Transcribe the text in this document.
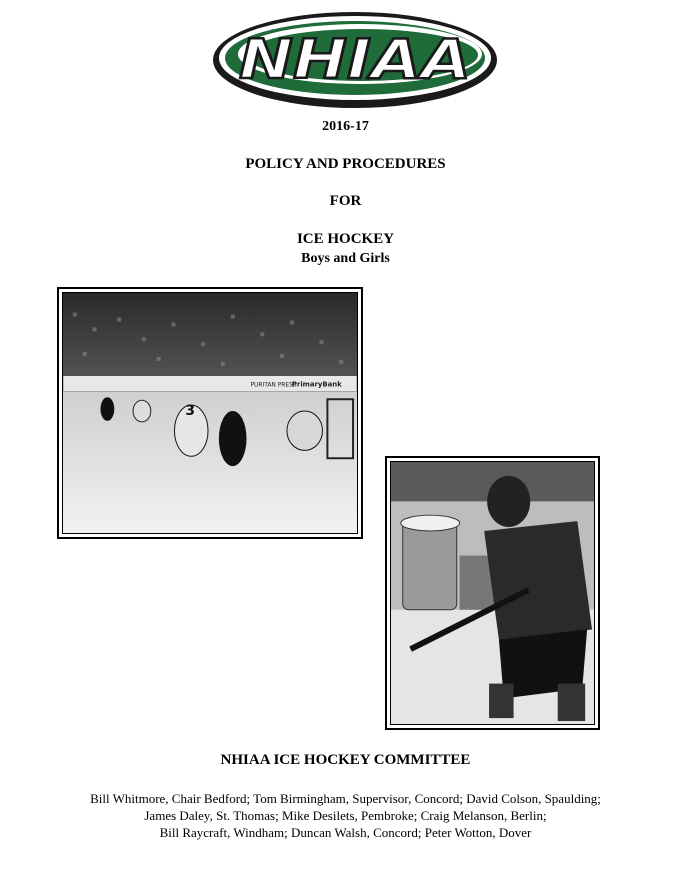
NHIAA
2016-17
POLICY AND PROCEDURES
FOR
ICE HOCKEY
Boys and Girls
PURITAN PRESS
PrimaryBank
3
NHIAA ICE HOCKEY COMMITTEE
Bill Whitmore, Chair Bedford; Tom Birmingham, Supervisor, Concord; David Colson, Spaulding;
James Daley, St. Thomas; Mike Desilets, Pembroke; Craig Melanson, Berlin;
Bill Raycraft, Windham; Duncan Walsh, Concord; Peter Wotton, Dover
